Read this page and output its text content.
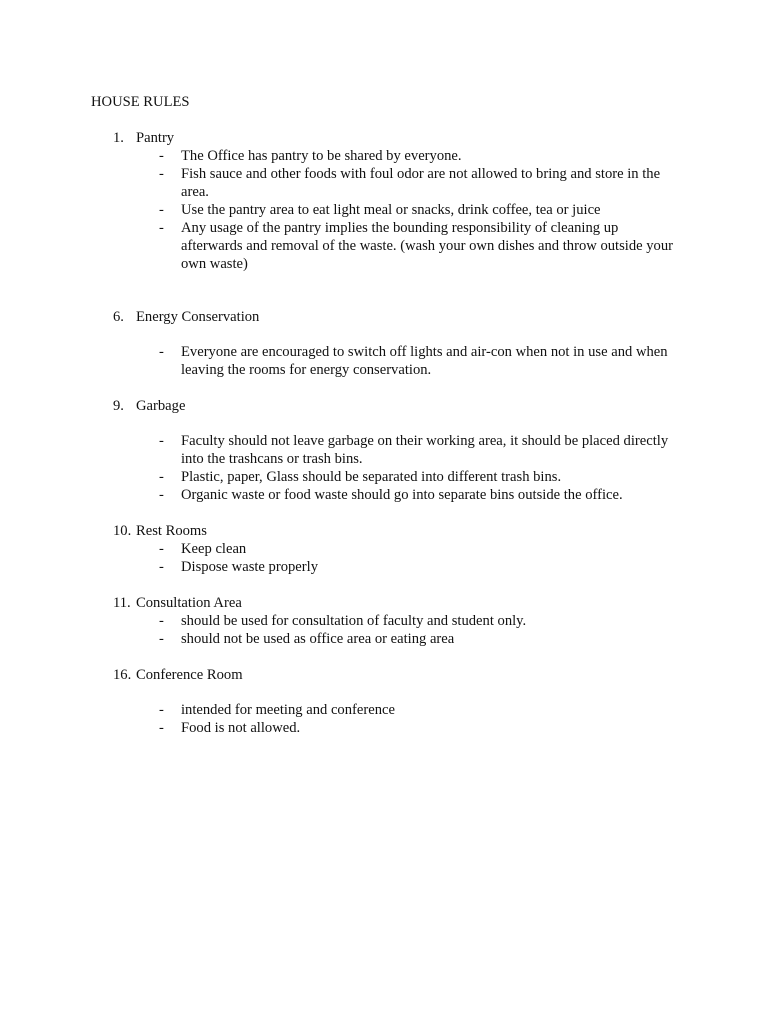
HOUSE RULES
1. Pantry
- The Office has pantry to be shared by everyone.
- Fish sauce and other foods with foul odor are not allowed to bring and store in the area.
- Use the pantry area to eat light meal or snacks, drink coffee, tea or juice
- Any usage of the pantry implies the bounding responsibility of cleaning up afterwards and removal of the waste. (wash your own dishes and throw outside your own waste)
6. Energy Conservation
- Everyone are encouraged to switch off lights and air-con when not in use and when leaving the rooms for energy conservation.
9. Garbage
- Faculty should not leave garbage on their working area, it should be placed directly into the trashcans or trash bins.
- Plastic, paper, Glass should be separated into different trash bins.
- Organic waste or food waste should go into separate bins outside the office.
10. Rest Rooms
- Keep clean
- Dispose waste properly
11. Consultation Area
- should be used for consultation of faculty and student only.
- should not be used as office area or eating area
16. Conference Room
- intended for meeting and conference
- Food is not allowed.
